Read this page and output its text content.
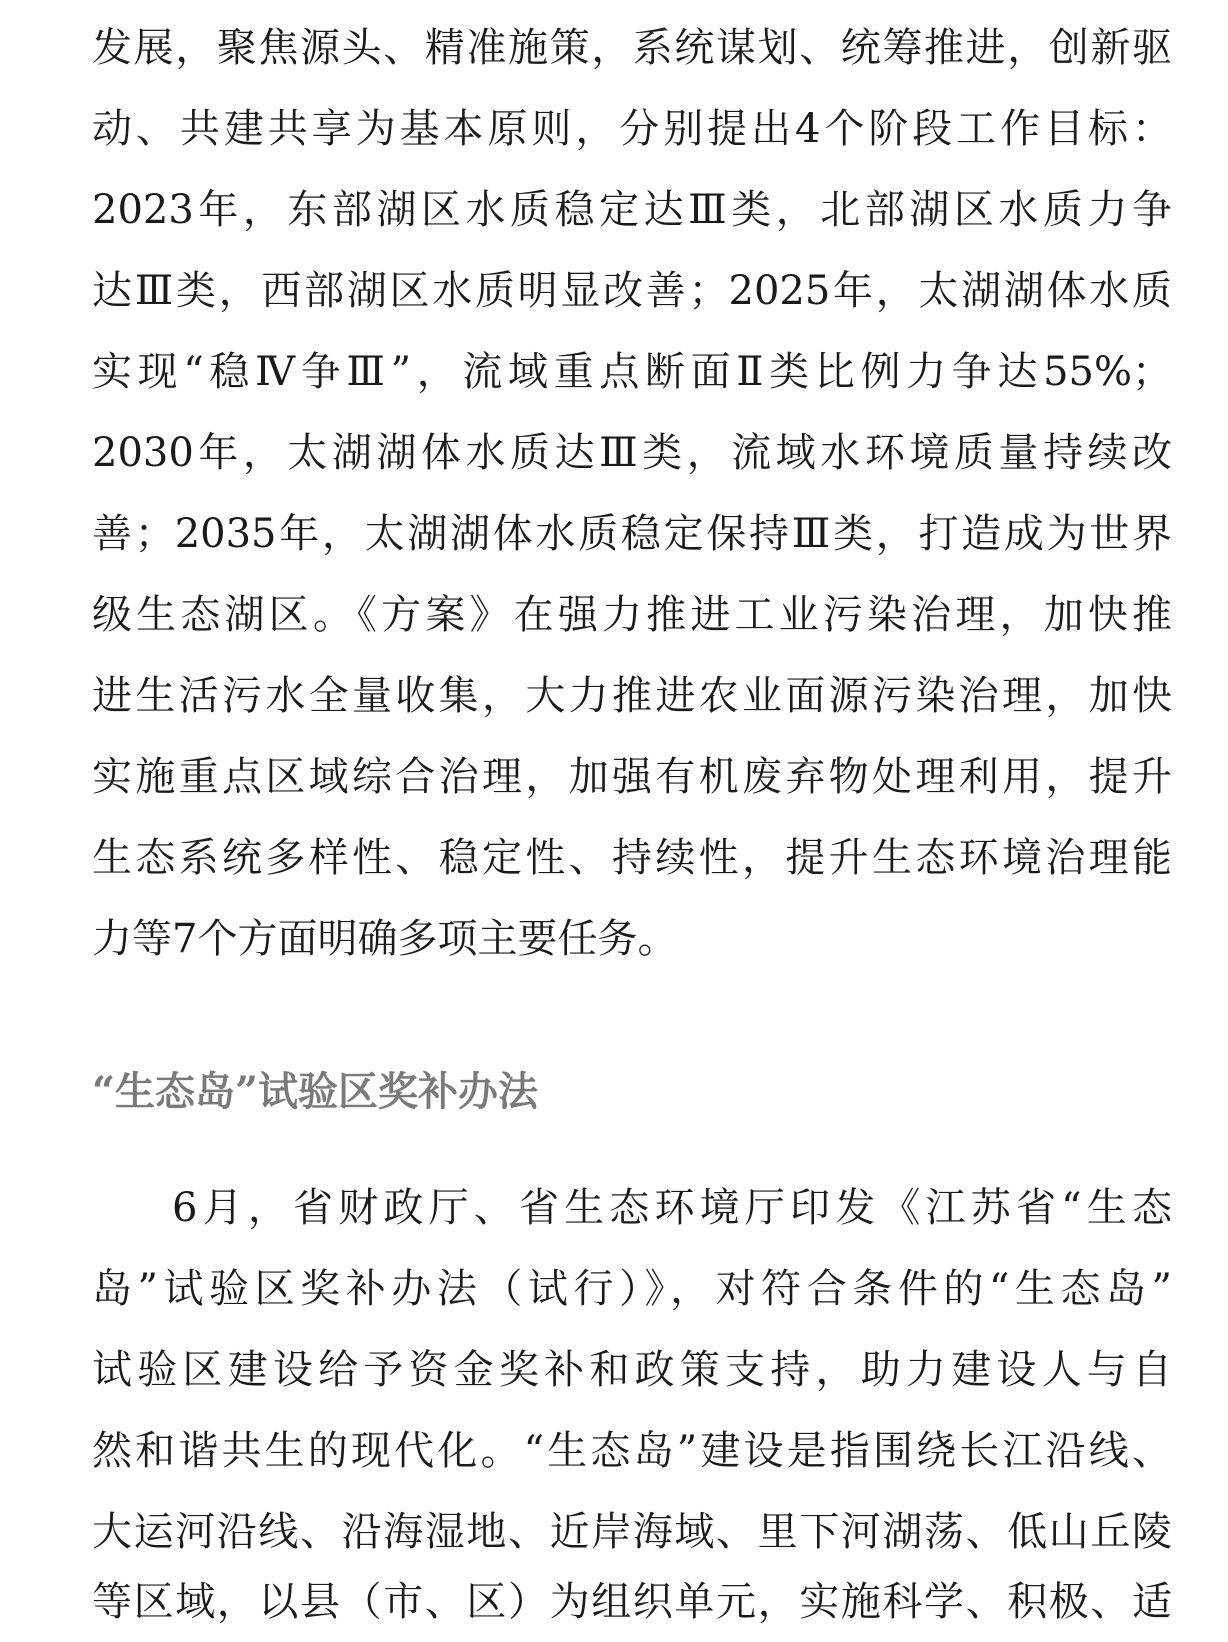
发展，聚焦源头、精准施策，系统谋划、统筹推进，创新驱
动、共建共享为基本原则，分别提出4个阶段工作目标：
2023年，东部湖区水质稳定达Ⅲ类，北部湖区水质力争
达Ⅲ类，西部湖区水质明显改善；2025年，太湖湖体水质
实现“稳Ⅳ争Ⅲ”，流域重点断面Ⅱ类比例力争达55%；
2030年，太湖湖体水质达Ⅲ类，流域水环境质量持续改
善；2035年，太湖湖体水质稳定保持Ⅲ类，打造成为世界
级生态湖区。《方案》在强力推进工业污染治理，加快推
进生活污水全量收集，大力推进农业面源污染治理，加快
实施重点区域综合治理，加强有机废弃物处理利用，提升
生态系统多样性、稳定性、持续性，提升生态环境治理能
力等7个方面明确多项主要任务。
“生态岛”试验区奖补办法
6月，省财政厅、省生态环境厅印发《江苏省“生态
岛”试验区奖补办法（试行）》，对符合条件的“生态岛”
试验区建设给予资金奖补和政策支持，助力建设人与自
然和谐共生的现代化。“生态岛”建设是指围绕长江沿线、
大运河沿线、沿海湿地、近岸海域、里下河湖荡、低山丘陵
等区域，以县（市、区）为组织单元，实施科学、积极、适
